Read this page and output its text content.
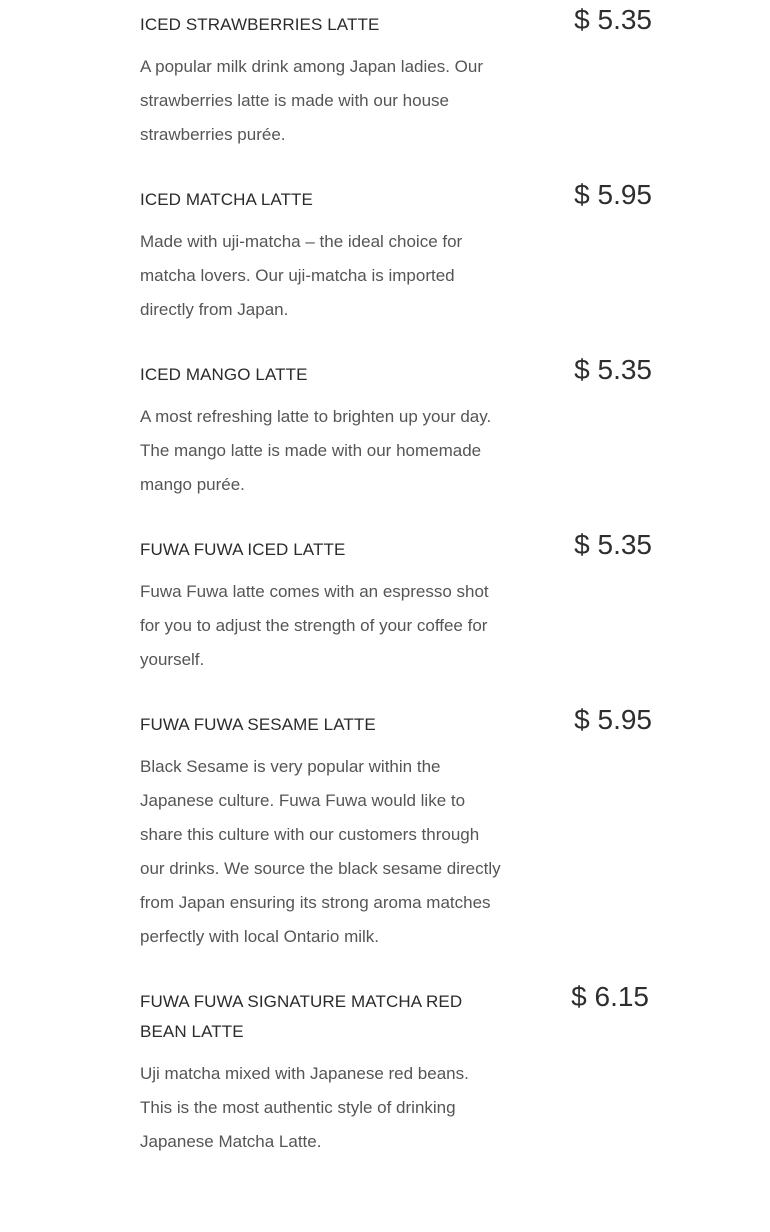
ICED STRAWBERRIES LATTE	$ 5.35

A popular milk drink among Japan ladies. Our strawberries latte is made with our house strawberries purée.

ICED MATCHA LATTE	$ 5.95

Made with uji-matcha – the ideal choice for matcha lovers. Our uji-matcha is imported directly from Japan.

ICED MANGO LATTE	$ 5.35

A most refreshing latte to brighten up your day. The mango latte is made with our homemade mango purée.

FUWA FUWA ICED LATTE	$ 5.35

Fuwa Fuwa latte comes with an espresso shot for you to adjust the strength of your coffee for yourself.

FUWA FUWA SESAME LATTE	$ 5.95

Black Sesame is very popular within the Japanese culture. Fuwa Fuwa would like to share this culture with our customers through our drinks. We source the black sesame directly from Japan ensuring its strong aroma matches perfectly with local Ontario milk.

FUWA FUWA SIGNATURE MATCHA RED BEAN LATTE
$ 6.15

Uji matcha mixed with Japanese red beans. This is the most authentic style of drinking Japanese Matcha Latte.
